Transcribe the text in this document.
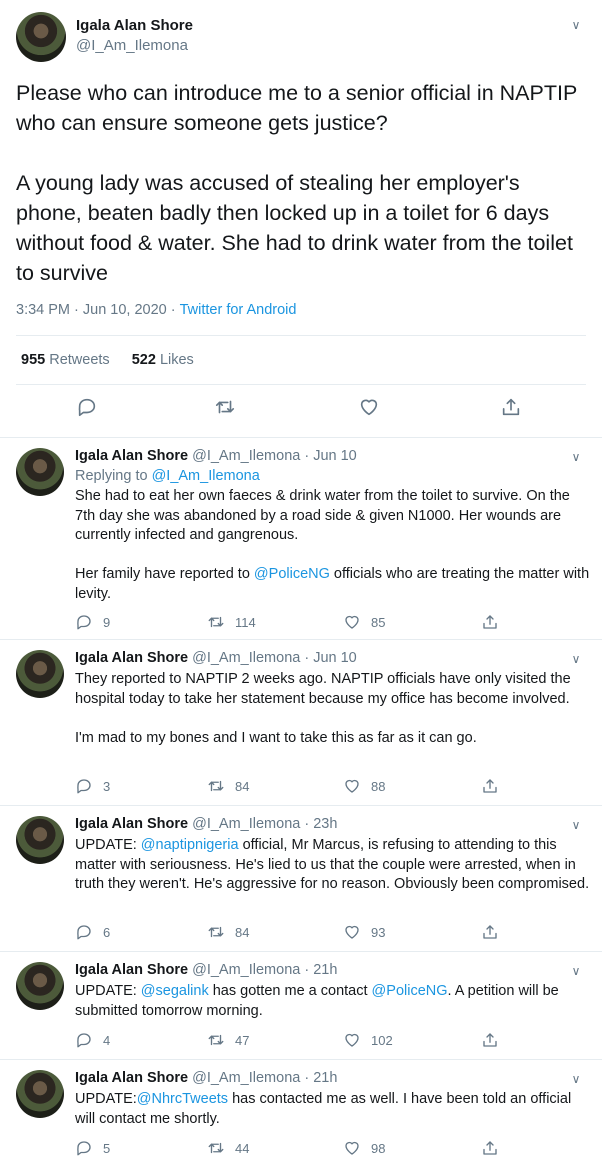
Igala Alan Shore
@I_Am_Ilemona
∨
Please who can introduce me to a senior official in NAPTIP who can ensure someone gets justice?

A young lady was accused of stealing her employer's phone, beaten badly then locked up in a toilet for 6 days without food & water. She had to drink water from the toilet to survive
3:34 PM · Jun 10, 2020 · Twitter for Android
955 Retweets 522 Likes
Igala Alan Shore @I_Am_Ilemona · Jun 10	∨
Replying to @I_Am_Ilemona

She had to eat her own faeces & drink water from the toilet to survive. On the 7th day she was abandoned by a road side & given N1000. Her wounds are currently infected and gangrenous.

Her family have reported to @PoliceNG officials who are treating the matter with levity.

9	114	85
Igala Alan Shore @I_Am_Ilemona · Jun 10	∨

They reported to NAPTIP 2 weeks ago. NAPTIP officials have only visited the hospital today to take her statement because my office has become involved.

I'm mad to my bones and I want to take this as far as it can go.

3	84	88
Igala Alan Shore @I_Am_Ilemona · 23h	∨

UPDATE: @naptipnigeria official, Mr Marcus, is refusing to attending to this matter with seriousness. He's lied to us that the couple were arrested, when in truth they weren't. He's aggressive for no reason. Obviously been compromised.

6	84	93
Igala Alan Shore @I_Am_Ilemona · 21h	∨

UPDATE: @segalink has gotten me a contact @PoliceNG. A petition will be submitted tomorrow morning.

4	47	102
Igala Alan Shore @I_Am_Ilemona · 21h	∨

UPDATE:@NhrcTweets has contacted me as well. I have been told an official will contact me shortly.

5	44	98
